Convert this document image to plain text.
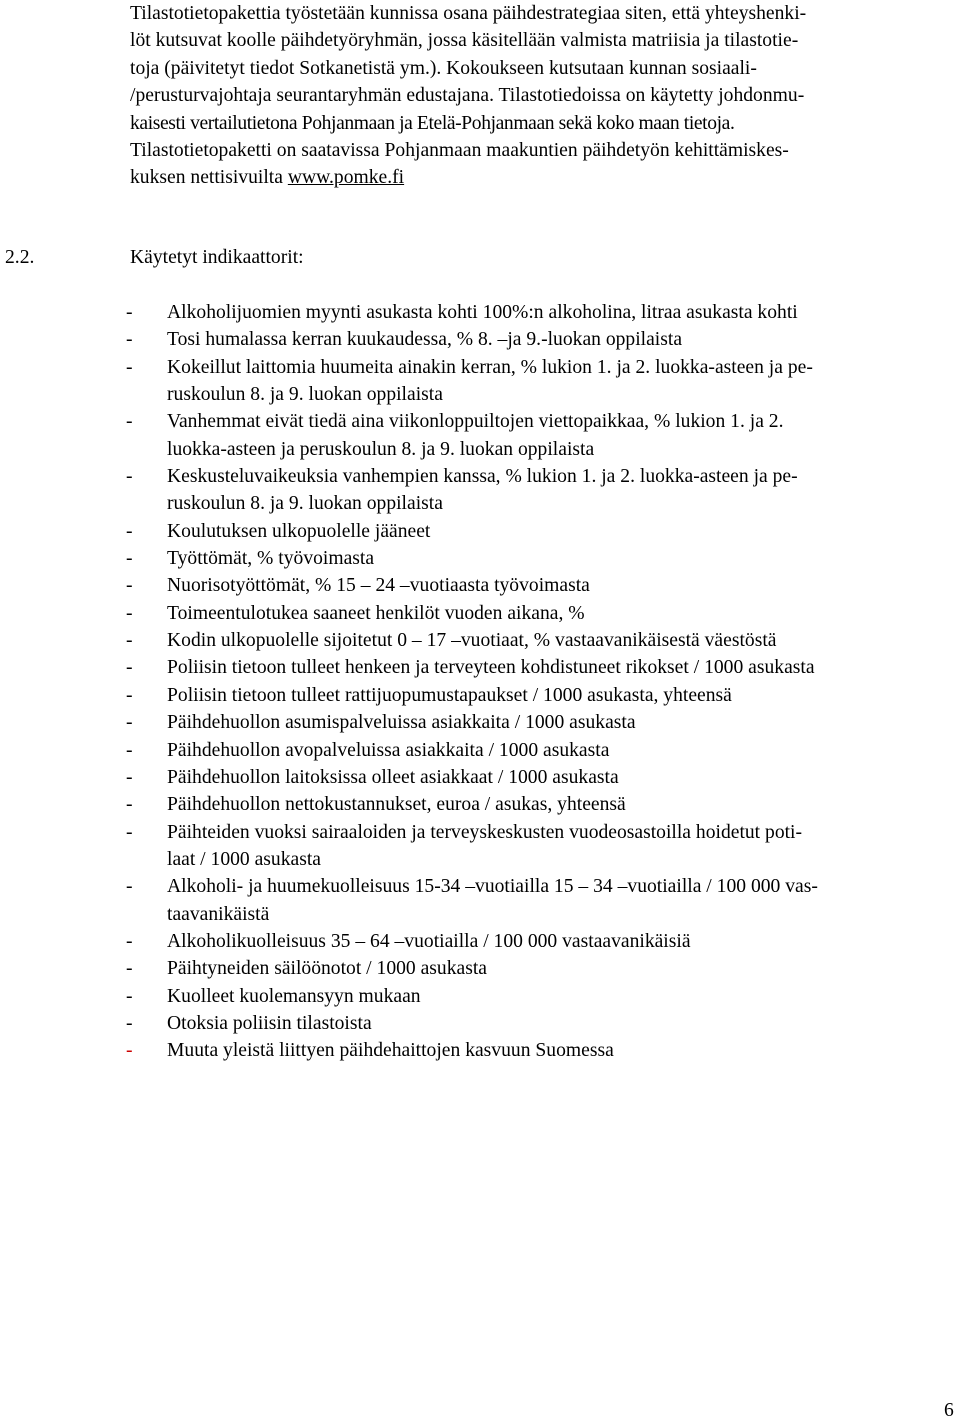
Tilastotietopakettia työstetään kunnissa osana päihdestrategiaa siten, että yhteyshenki-
löt kutsuvat koolle päihdetyöryhmän, jossa käsitellään valmista matriisia ja tilastotie-
toja (päivitetyt tiedot Sotkanetistä ym.). Kokoukseen kutsutaan kunnan sosiaali-
/perusturvajohtaja seurantaryhmän edustajana. Tilastotiedoissa on käytetty johdonmu-
kaisesti vertailutietona Pohjanmaan ja Etelä-Pohjanmaan sekä koko maan tietoja.
Tilastotietopaketti on saatavissa Pohjanmaan maakuntien päihdetyön kehittämiskes-
kuksen nettisivuilta www.pomke.fi
2.2.	Käytetyt indikaattorit:
- Alkoholijuomien myynti asukasta kohti 100%:n alkoholina, litraa asukasta kohti
- Tosi humalassa kerran kuukaudessa, % 8. –ja 9.-luokan oppilaista
- Kokeillut laittomia huumeita ainakin kerran, % lukion 1. ja 2. luokka-asteen ja pe-
ruskoulun 8. ja 9. luokan oppilaista
- Vanhemmat eivät tiedä aina viikonloppuiltojen viettopaikkaa, % lukion 1. ja 2.
luokka-asteen ja peruskoulun 8. ja 9. luokan oppilaista
- Keskusteluvaikeuksia vanhempien kanssa, % lukion 1. ja 2. luokka-asteen ja pe-
ruskoulun 8. ja 9. luokan oppilaista
- Koulutuksen ulkopuolelle jääneet
- Työttömät, % työvoimasta
- Nuorisotyöttömät, % 15 – 24 –vuotiaasta työvoimasta
- Toimeentulotukea saaneet henkilöt vuoden aikana, %
- Kodin ulkopuolelle sijoitetut 0 – 17 –vuotiaat, % vastaavanikäisestä väestöstä
- Poliisin tietoon tulleet henkeen ja terveyteen kohdistuneet rikokset / 1000 asukasta
- Poliisin tietoon tulleet rattijuopumustapaukset / 1000 asukasta, yhteensä
- Päihdehuollon asumispalveluissa asiakkaita / 1000 asukasta
- Päihdehuollon avopalveluissa asiakkaita / 1000 asukasta
- Päihdehuollon laitoksissa olleet asiakkaat / 1000 asukasta
- Päihdehuollon nettokustannukset, euroa / asukas, yhteensä
- Päihteiden vuoksi sairaaloiden ja terveyskeskusten vuodeosastoilla hoidetut poti-
laat / 1000 asukasta
- Alkoholi- ja huumekuolleisuus 15-34 –vuotiailla 15 – 34 –vuotiailla / 100 000 vas-
taavanikäistä
- Alkoholikuolleisuus 35 – 64 –vuotiailla / 100 000 vastaavanikäisiä
- Päihtyneiden säilöönotot / 1000 asukasta
- Kuolleet kuolemansyyn mukaan
- Otoksia poliisin tilastoista
- Muuta yleistä liittyen päihdehaittojen kasvuun Suomessa
6
